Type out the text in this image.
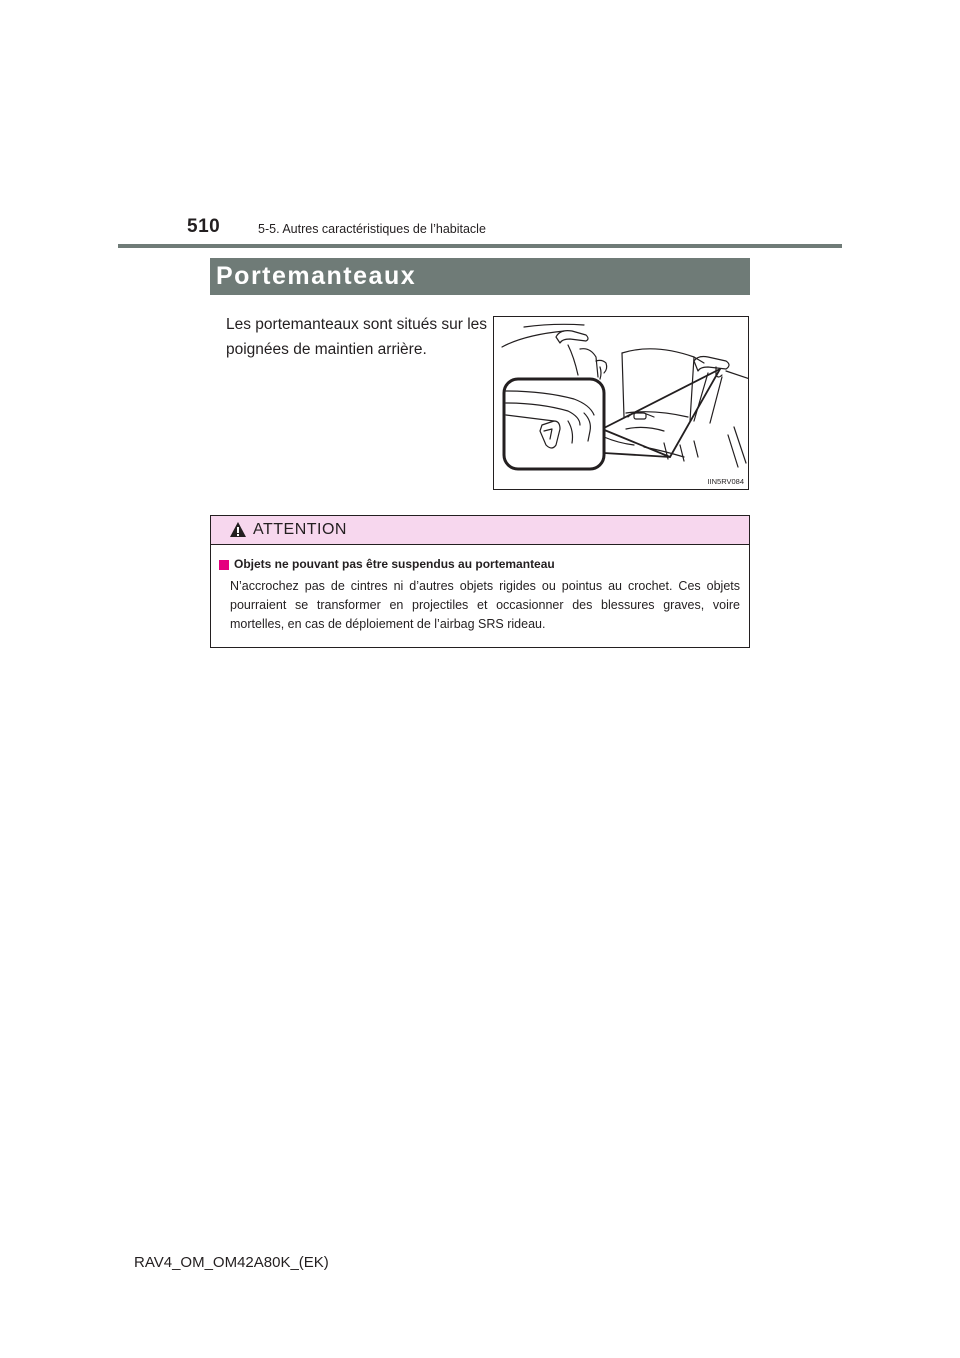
510	5-5. Autres caractéristiques de l’habitacle
Portemanteaux
Les portemanteaux sont situés sur les poignées de maintien arrière.
IIN5RV084
ATTENTION
Objets ne pouvant pas être suspendus au portemanteau
N’accrochez pas de cintres ni d’autres objets rigides ou pointus au crochet. Ces objets pourraient se transformer en projectiles et occasionner des blessures graves, voire mortelles, en cas de déploiement de l’airbag SRS rideau.
RAV4_OM_OM42A80K_(EK)
